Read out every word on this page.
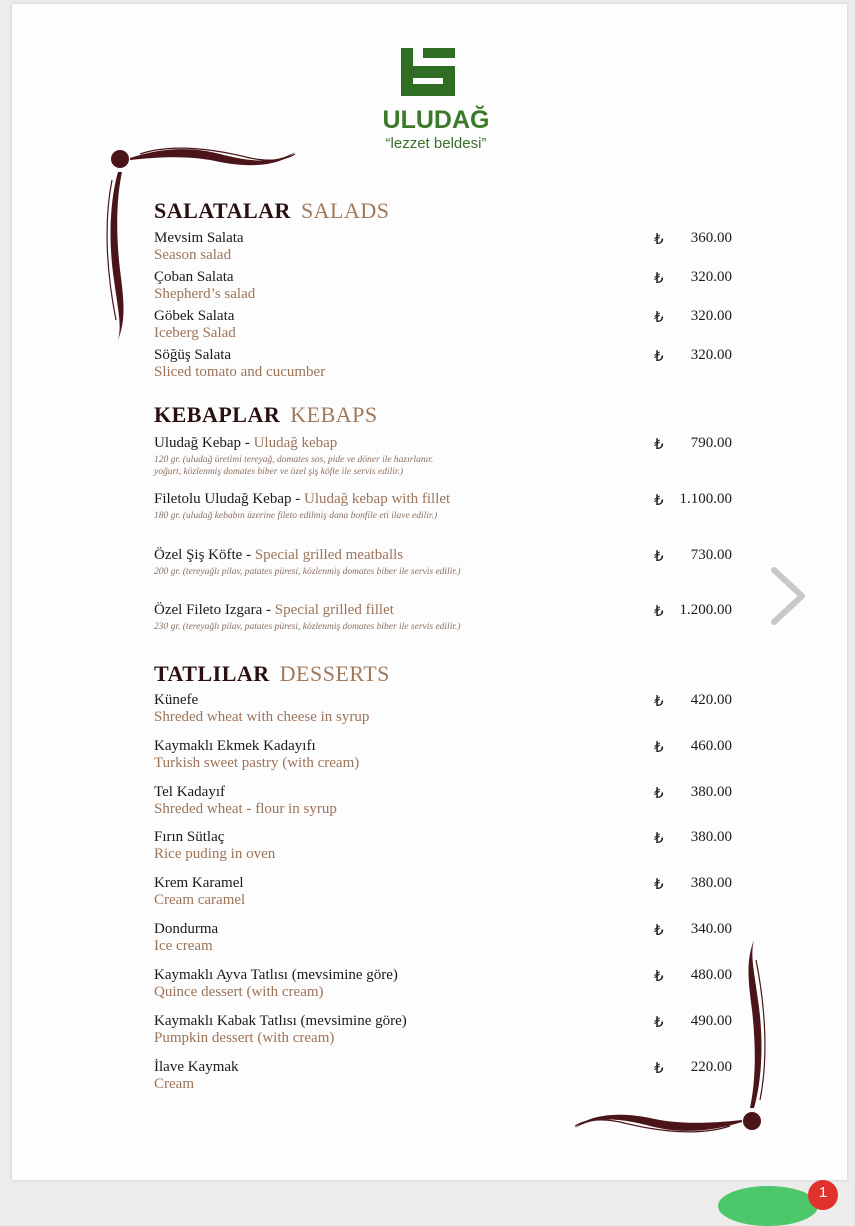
ULUDAĞ
“lezzet beldesi”
SALATALAR SALADS
Mevsim Salata
Season salad
₺ 360.00
Çoban Salata
Shepherd’s salad
₺ 320.00
Göbek Salata
Iceberg Salad
₺ 320.00
Söğüş Salata
Sliced tomato and cucumber
₺ 320.00
KEBAPLAR KEBAPS
Uludağ Kebap - Uludağ kebap
120 gr. (uludağ üretimi tereyağ, domates sos, pide ve döner ile hazırlanır.
yoğurt, közlenmiş domates biber ve özel şiş köfte ile servis edilir.)
₺ 790.00
Filetolu Uludağ Kebap - Uludağ kebap with fillet
180 gr. (uludağ kebabın üzerine fileto edilmiş dana bonfile eti ilave edilir.)
₺ 1.100.00
Özel Şiş Köfte - Special grilled meatballs
200 gr. (tereyağlı pilav, patates püresi, közlenmiş domates biber ile servis edilir.)
₺ 730.00
Özel Fileto Izgara - Special grilled fillet
230 gr. (tereyağlı pilav, patates püresi, közlenmiş domates biber ile servis edilir.)
₺ 1.200.00
TATLILAR DESSERTS
Künefe
Shreded wheat with cheese in syrup
₺ 420.00
Kaymaklı Ekmek Kadayıfı
Turkish sweet pastry (with cream)
₺ 460.00
Tel Kadayıf
Shreded wheat - flour in syrup
₺ 380.00
Fırın Sütlaç
Rice puding in oven
₺ 380.00
Krem Karamel
Cream caramel
₺ 380.00
Dondurma
Ice cream
₺ 340.00
Kaymaklı Ayva Tatlısı (mevsimine göre)
Quince dessert (with cream)
₺ 480.00
Kaymaklı Kabak Tatlısı (mevsimine göre)
Pumpkin dessert (with cream)
₺ 490.00
İlave Kaymak
Cream
₺ 220.00
1
